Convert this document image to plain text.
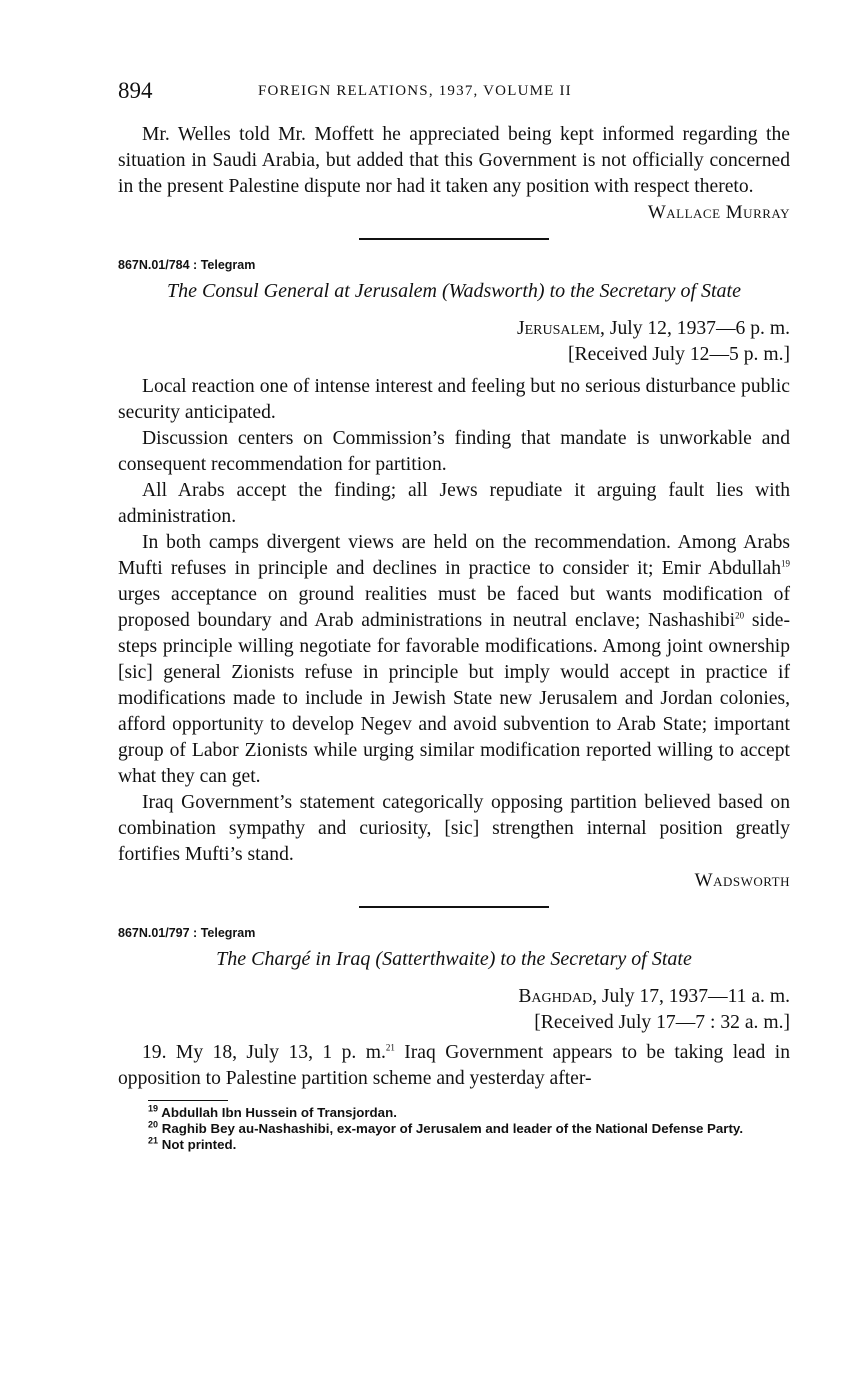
894	FOREIGN RELATIONS, 1937, VOLUME II

Mr. Welles told Mr. Moffett he appreciated being kept informed regarding the situation in Saudi Arabia, but added that this Government is not officially concerned in the present Palestine dispute nor had it taken any position with respect thereto.

Wallace Murray
867N.01/784 : Telegram
The Consul General at Jerusalem (Wadsworth) to the Secretary of State
Jerusalem, July 12, 1937—6 p. m.
[Received July 12—5 p. m.]

Local reaction one of intense interest and feeling but no serious disturbance public security anticipated.

Discussion centers on Commission’s finding that mandate is unworkable and consequent recommendation for partition.

All Arabs accept the finding; all Jews repudiate it arguing fault lies with administration.

In both camps divergent views are held on the recommendation. Among Arabs Mufti refuses in principle and declines in practice to consider it; Emir Abdullah$^{19}$ urges acceptance on ground realities must be faced but wants modification of proposed boundary and Arab administrations in neutral enclave; Nashashibi$^{20}$ side-steps principle willing negotiate for favorable modifications. Among joint ownership [sic] general Zionists refuse in principle but imply would accept in practice if modifications made to include in Jewish State new Jerusalem and Jordan colonies, afford opportunity to develop Negev and avoid subvention to Arab State; important group of Labor Zionists while urging similar modification reported willing to accept what they can get.

Iraq Government’s statement categorically opposing partition believed based on combination sympathy and curiosity, [sic] strengthen internal position greatly fortifies Mufti’s stand.

Wadsworth
867N.01/797 : Telegram
The Chargé in Iraq (Satterthwaite) to the Secretary of State
Baghdad, July 17, 1937—11 a. m.
[Received July 17—7 : 32 a. m.]

19. My 18, July 13, 1 p. m.$^{21}$ Iraq Government appears to be taking lead in opposition to Palestine partition scheme and yesterday after-

$^{19}$ Abdullah Ibn Hussein of Transjordan.
$^{20}$ Raghib Bey au-Nashashibi, ex-mayor of Jerusalem and leader of the National Defense Party.
$^{21}$ Not printed.
